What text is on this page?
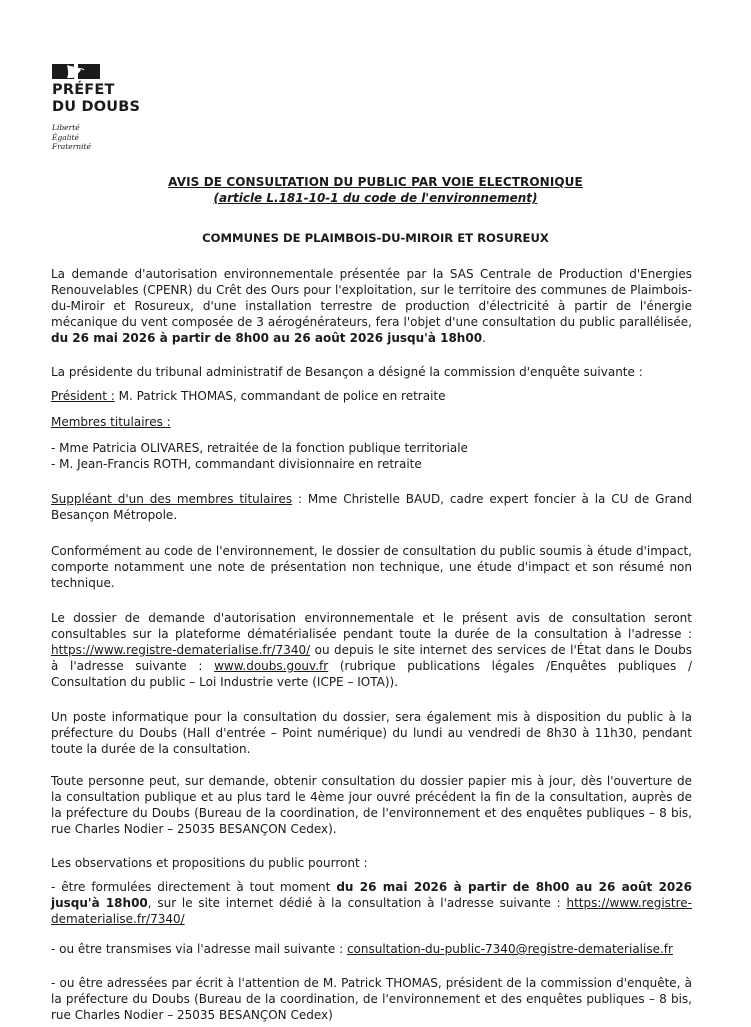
PRÉFET
DU DOUBS
Liberté
Égalité
Fraternité
AVIS DE CONSULTATION DU PUBLIC PAR VOIE ELECTRONIQUE
(article L.181-10-1 du code de l'environnement)
COMMUNES DE PLAIMBOIS-DU-MIROIR ET ROSUREUX

La demande d'autorisation environnementale présentée par la SAS Centrale de Production d'Energies Renouvelables (CPENR) du Crêt des Ours pour l'exploitation, sur le territoire des communes de Plaimbois-du-Miroir et Rosureux, d'une installation terrestre de production d'électricité à partir de l'énergie mécanique du vent composée de 3 aérogénérateurs, fera l'objet d'une consultation du public parallélisée, du 26 mai 2026 à partir de 8h00 au 26 août 2026 jusqu'à 18h00.

La présidente du tribunal administratif de Besançon a désigné la commission d'enquête suivante :

Président : M. Patrick THOMAS, commandant de police en retraite

Membres titulaires :

- Mme Patricia OLIVARES, retraitée de la fonction publique territoriale

- M. Jean-Francis ROTH, commandant divisionnaire en retraite

Suppléant d'un des membres titulaires : Mme Christelle BAUD, cadre expert foncier à la CU de Grand Besançon Métropole.

Conformément au code de l'environnement, le dossier de consultation du public soumis à étude d'impact, comporte notamment une note de présentation non technique, une étude d'impact et son résumé non technique.

Le dossier de demande d'autorisation environnementale et le présent avis de consultation seront consultables sur la plateforme dématérialisée pendant toute la durée de la consultation à l'adresse : https://www.registre-dematerialise.fr/7340/ ou depuis le site internet des services de l'État dans le Doubs à l'adresse suivante : www.doubs.gouv.fr (rubrique publications légales /Enquêtes publiques / Consultation du public – Loi Industrie verte (ICPE – IOTA)).

Un poste informatique pour la consultation du dossier, sera également mis à disposition du public à la préfecture du Doubs (Hall d'entrée – Point numérique) du lundi au vendredi de 8h30 à 11h30, pendant toute la durée de la consultation.

Toute personne peut, sur demande, obtenir consultation du dossier papier mis à jour, dès l'ouverture de la consultation publique et au plus tard le 4ème jour ouvré précédent la fin de la consultation, auprès de la préfecture du Doubs (Bureau de la coordination, de l'environnement et des enquêtes publiques – 8 bis, rue Charles Nodier – 25035 BESANÇON Cedex).

Les observations et propositions du public pourront :

- être formulées directement à tout moment du 26 mai 2026 à partir de 8h00 au 26 août 2026 jusqu'à 18h00, sur le site internet dédié à la consultation à l'adresse suivante : https://www.registre-dematerialise.fr/7340/

- ou être transmises via l'adresse mail suivante : consultation-du-public-7340@registre-dematerialise.fr

- ou être adressées par écrit à l'attention de M. Patrick THOMAS, président de la commission d'enquête, à la préfecture du Doubs (Bureau de la coordination, de l'environnement et des enquêtes publiques – 8 bis, rue Charles Nodier – 25035 BESANÇON Cedex)
